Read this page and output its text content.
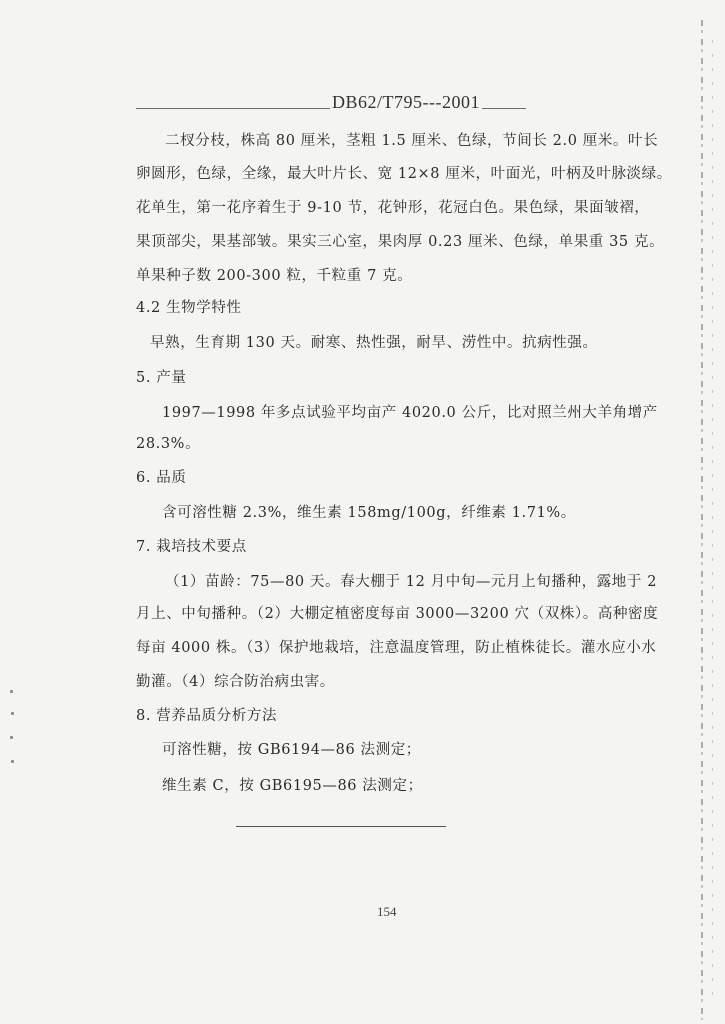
DB62/T795---2001
二杈分枝，株高 80 厘米，茎粗 1.5 厘米、色绿，节间长 2.0 厘米。叶长
卵圆形，色绿，全缘，最大叶片长、宽 12×8 厘米，叶面光，叶柄及叶脉淡绿。
花单生，第一花序着生于 9-10 节，花钟形，花冠白色。果色绿，果面皱褶，
果顶部尖，果基部皱。果实三心室，果肉厚 0.23 厘米、色绿，单果重 35 克。
单果种子数 200-300 粒，千粒重 7 克。
4.2 生物学特性
早熟，生育期 130 天。耐寒、热性强，耐旱、涝性中。抗病性强。
5. 产量
1997—1998 年多点试验平均亩产 4020.0 公斤，比对照兰州大羊角增产
28.3%。
6. 品质
含可溶性糖 2.3%，维生素 158mg/100g，纤维素 1.71%。
7. 栽培技术要点
（1）苗龄：75—80 天。春大棚于 12 月中旬—元月上旬播种，露地于 2
月上、中旬播种。（2）大棚定植密度每亩 3000—3200 穴（双株）。高种密度
每亩 4000 株。（3）保护地栽培，注意温度管理，防止植株徒长。灌水应小水
勤灌。（4）综合防治病虫害。
8. 营养品质分析方法
可溶性糖，按 GB6194—86 法测定；
维生素 C，按 GB6195—86 法测定；
154
